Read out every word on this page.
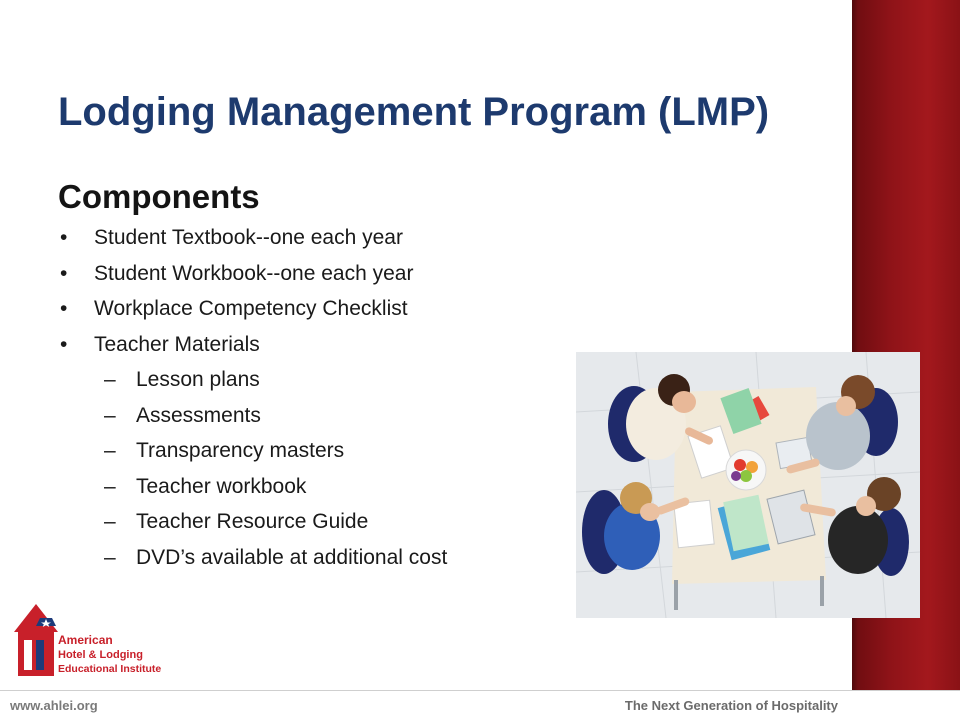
Lodging Management Program (LMP)
Components
• Student Textbook--one each year
• Student Workbook--one each year
• Workplace Competency Checklist
• Teacher Materials
– Lesson plans
– Assessments
– Transparency masters
– Teacher workbook
– Teacher Resource Guide
– DVD’s available at additional cost
American
Hotel & Lodging
Educational Institute
www.ahlei.org	The Next Generation of Hospitality
